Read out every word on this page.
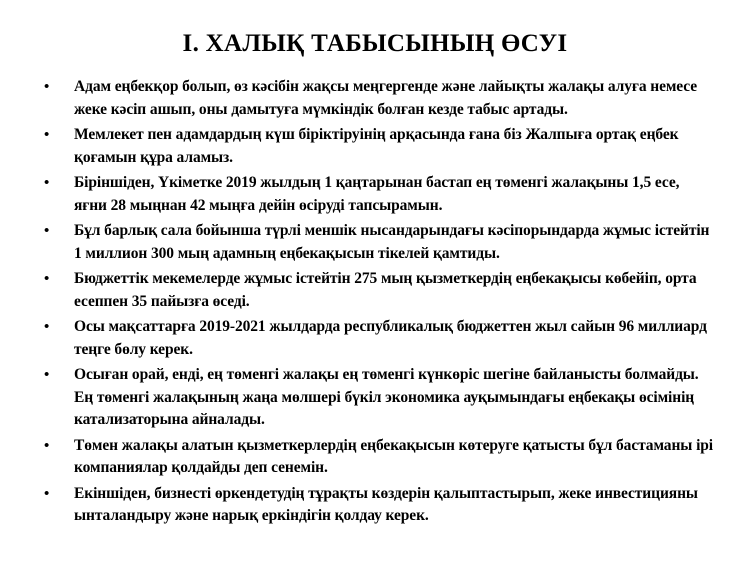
І. ХАЛЫҚ ТАБЫСЫНЫҢ ӨСУІ
• Адам еңбекқор болып, өз кәсібін жақсы меңгергенде және лайықты жалақы алуға немесе жеке кәсіп ашып, оны дамытуға мүмкіндік болған кезде табыс артады.
• Мемлекет пен адамдардың күш біріктіруінің арқасында ғана біз Жалпыға ортақ еңбек қоғамын құра аламыз.
• Біріншіден, Үкіметке 2019 жылдың 1 қаңтарынан бастап ең төменгі жалақыны 1,5 есе, яғни 28 мыңнан 42 мыңға дейін өсіруді тапсырамын.
• Бұл барлық сала бойынша түрлі меншік нысандарындағы кәсіпорындарда жұмыс істейтін 1 миллион 300 мың адамның еңбекақысын тікелей қамтиды.
• Бюджеттік мекемелерде жұмыс істейтін 275 мың қызметкердің еңбекақысы көбейіп, орта есеппен 35 пайызға өседі.
• Осы мақсаттарға 2019-2021 жылдарда республикалық бюджеттен жыл сайын 96 миллиард теңге бөлу керек.
• Осыған орай, енді, ең төменгі жалақы ең төменгі күнкөріс шегіне байланысты болмайды. Ең төменгі жалақының жаңа мөлшері бүкіл экономика ауқымындағы еңбекақы өсімінің катализаторына айналады.
• Төмен жалақы алатын қызметкерлердің еңбекақысын көтеруге қатысты бұл бастаманы ірі компаниялар қолдайды деп сенемін.
• Екіншіден, бизнесті өркендетудің тұрақты көздерін қалыптастырып, жеке инвестицияны ынталандыру және нарық еркіндігін қолдау керек.
